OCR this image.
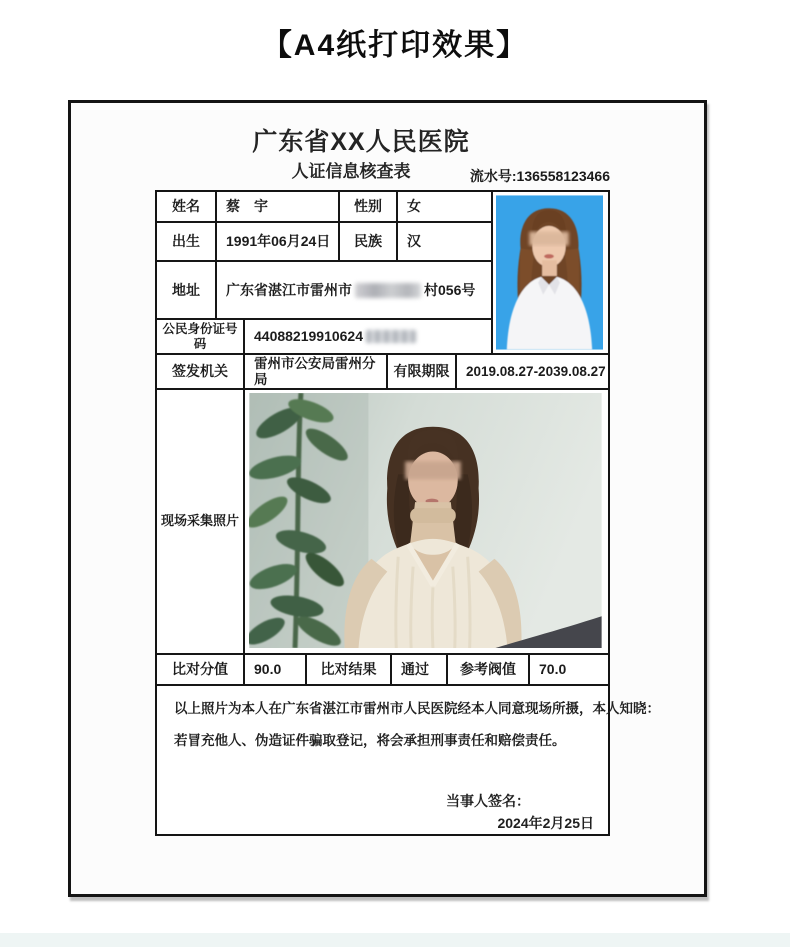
【A4纸打印效果】
广东省XX人民医院
人证信息核查表	流水号:136558123466
姓名	蔡　宇	性别	女
出生	1991年06月24日	民族	汉
地址	广东省湛江市雷州市	村056号
公民身份证号码	44088219910624
签发机关	雷州市公安局雷州分局	有限期限	2019.08.27-2039.08.27
现场采集照片
比对分值	90.0	比对结果	通过	参考阀值	70.0
以上照片为本人在广东省湛江市雷州市人民医院经本人同意现场所摄，本人知晓：
若冒充他人、伪造证件骗取登记，将会承担刑事责任和赔偿责任。
当事人签名：
2024年2月25日
